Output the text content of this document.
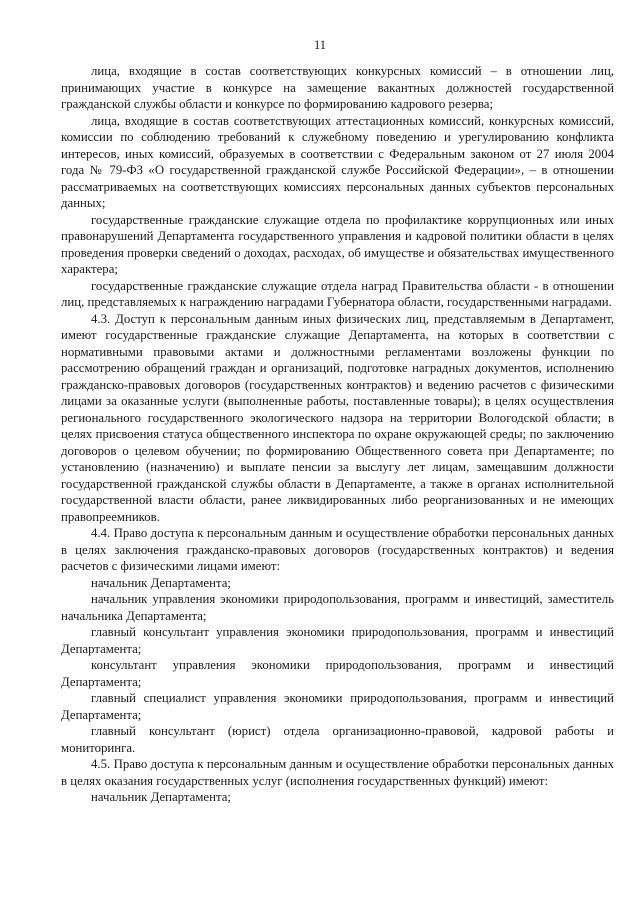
11

лица, входящие в состав соответствующих конкурсных комиссий – в отношении лиц, принимающих участие в конкурсе на замещение вакантных должностей государственной гражданской службы области и конкурсе по формированию кадрового резерва;

лица, входящие в состав соответствующих аттестационных комиссий, конкурсных комиссий, комиссии по соблюдению требований к служебному поведению и урегулированию конфликта интересов, иных комиссий, образуемых в соответствии с Федеральным законом от 27 июля 2004 года № 79-ФЗ «О государственной гражданской службе Российской Федерации», – в отношении рассматриваемых на соответствующих комиссиях персональных данных субъектов персональных данных;

государственные гражданские служащие отдела по профилактике коррупционных или иных правонарушений Департамента государственного управления и кадровой политики области в целях проведения проверки сведений о доходах, расходах, об имуществе и обязательствах имущественного характера;

государственные гражданские служащие отдела наград Правительства области - в отношении лиц, представляемых к награждению наградами Губернатора области, государственными наградами.

4.3. Доступ к персональным данным иных физических лиц, представляемым в Департамент, имеют государственные гражданские служащие Департамента, на которых в соответствии с нормативными правовыми актами и должностными регламентами возложены функции по рассмотрению обращений граждан и организаций, подготовке наградных документов, исполнению гражданско-правовых договоров (государственных контрактов) и ведению расчетов с физическими лицами за оказанные услуги (выполненные работы, поставленные товары); в целях осуществления регионального государственного экологического надзора на территории Вологодской области; в целях присвоения статуса общественного инспектора по охране окружающей среды; по заключению договоров о целевом обучении; по формированию Общественного совета при Департаменте; по установлению (назначению) и выплате пенсии за выслугу лет лицам, замещавшим должности государственной гражданской службы области в Департаменте, а также в органах исполнительной государственной власти области, ранее ликвидированных либо реорганизованных и не имеющих правопреемников.

4.4. Право доступа к персональным данным и осуществление обработки персональных данных в целях заключения гражданско-правовых договоров (государственных контрактов) и ведения расчетов с физическими лицами имеют:

начальник Департамента;

начальник управления экономики природопользования, программ и инвестиций, заместитель начальника Департамента;

главный консультант управления экономики природопользования, программ и инвестиций Департамента;

консультант управления экономики природопользования, программ и инвестиций Департамента;

главный специалист управления экономики природопользования, программ и инвестиций Департамента;

главный консультант (юрист) отдела организационно-правовой, кадровой работы и мониторинга.

4.5. Право доступа к персональным данным и осуществление обработки персональных данных в целях оказания государственных услуг (исполнения государственных функций) имеют:

начальник Департамента;
